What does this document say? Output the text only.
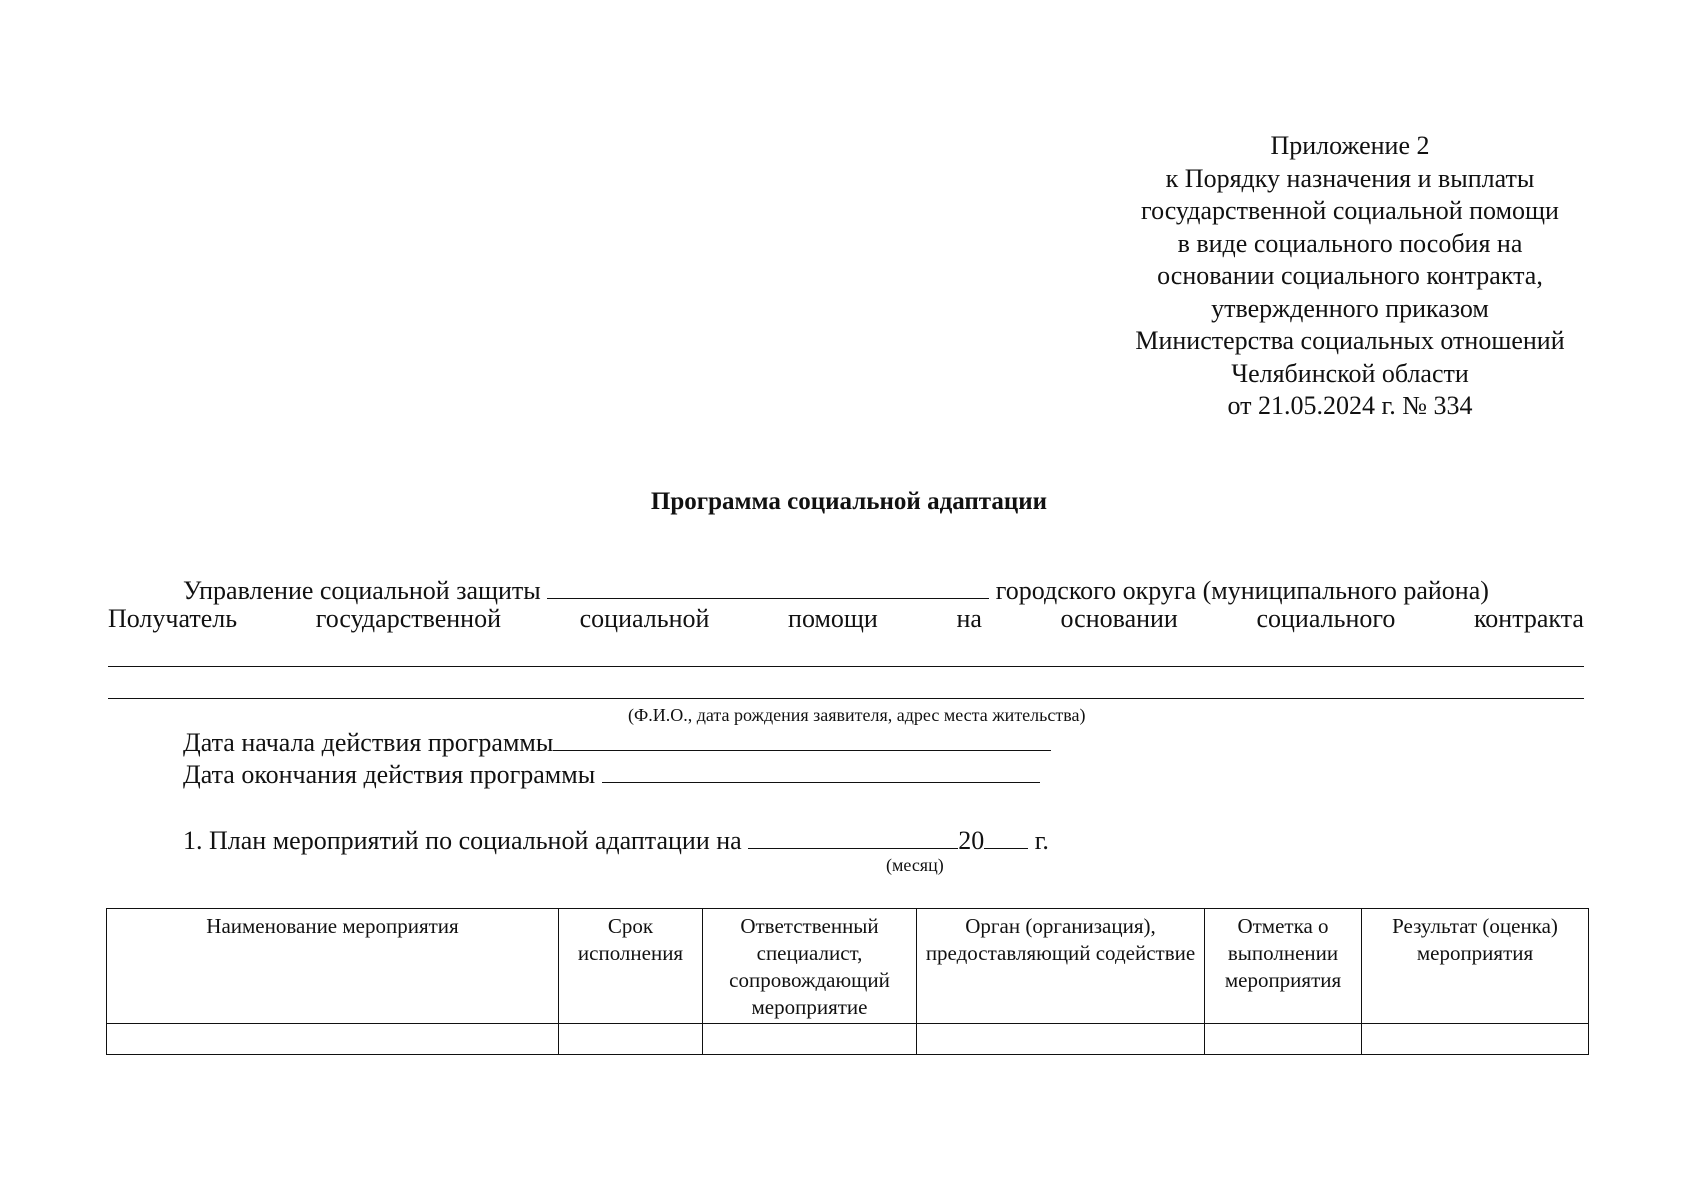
Приложение 2
к Порядку назначения и выплаты
государственной социальной помощи
в виде социального пособия на
основании социального контракта,
утвержденного приказом
Министерства социальных отношений
Челябинской области
от 21.05.2024 г. № 334
Программа социальной адаптации
Управление социальной защиты	городского округа (муниципального района)
Получатель	государственной	социальной	помощи	на	основании	социального	контракта
(Ф.И.О., дата рождения заявителя, адрес места жительства)
Дата начала действия программы
Дата окончания действия программы
1. План мероприятий по социальной адаптации на	20 г.
(месяц)
Наименование мероприятия	Срок исполнения	Ответственный специалист, сопровождающий мероприятие	Орган (организация), предоставляющий содействие	Отметка о выполнении мероприятия	Результат (оценка) мероприятия
